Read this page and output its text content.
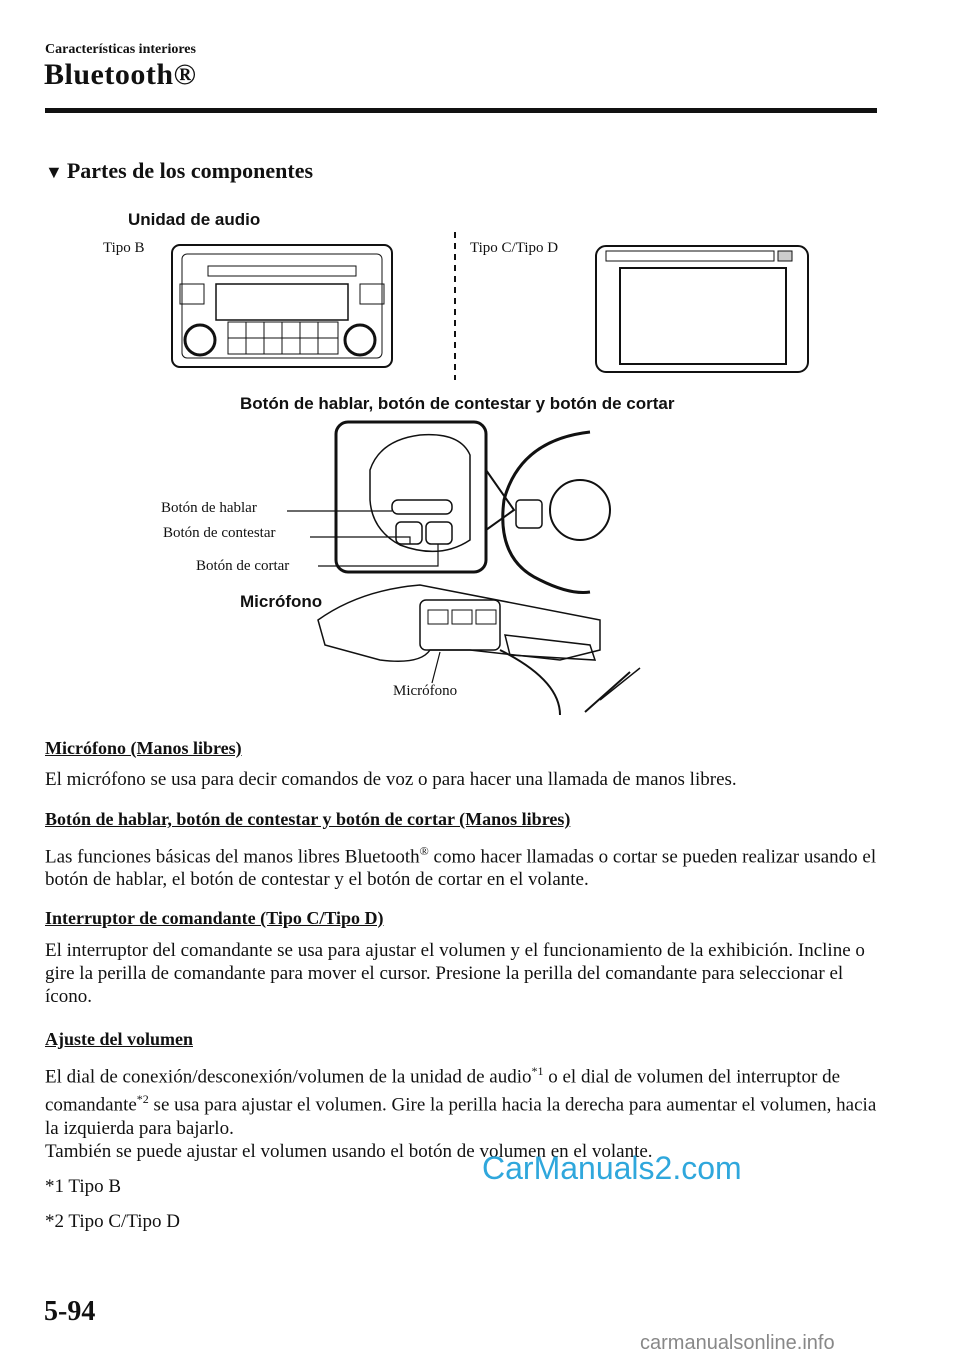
Características interiores
Bluetooth®
▼ Partes de los componentes
Unidad de audio
Tipo B	Tipo C/Tipo D
Botón de hablar, botón de contestar y botón de cortar
Botón de hablar
Botón de contestar
Botón de cortar
Micrófono
Micrófono
Micrófono (Manos libres)
El micrófono se usa para decir comandos de voz o para hacer una llamada de manos libres.
Botón de hablar, botón de contestar y botón de cortar (Manos libres)
Las funciones básicas del manos libres Bluetooth® como hacer llamadas o cortar se pueden realizar usando el botón de hablar, el botón de contestar y el botón de cortar en el volante.
Interruptor de comandante (Tipo C/Tipo D)
El interruptor del comandante se usa para ajustar el volumen y el funcionamiento de la exhibición. Incline o gire la perilla de comandante para mover el cursor. Presione la perilla del comandante para seleccionar el ícono.
Ajuste del volumen
El dial de conexión/desconexión/volumen de la unidad de audio$^{*1}$ o el dial de volumen del interruptor de comandante$^{*2}$ se usa para ajustar el volumen. Gire la perilla hacia la derecha para aumentar el volumen, hacia la izquierda para bajarlo.
También se puede ajustar el volumen usando el botón de volumen en el volante.
*1 Tipo B
*2 Tipo C/Tipo D
CarManuals2.com
5-94
carmanualsonline.info
